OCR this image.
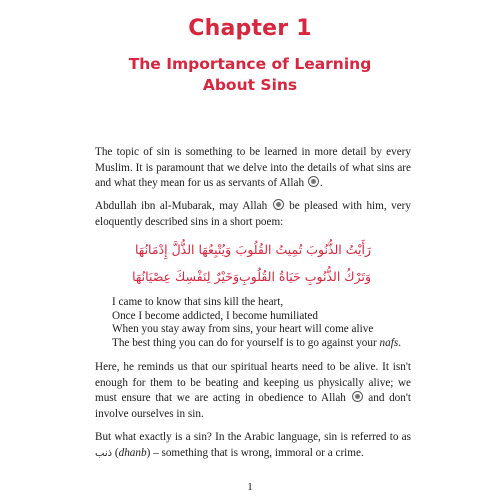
Chapter 1
The Importance of Learning
About Sins

The topic of sin is something to be learned in more detail by every Muslim. It is paramount that we delve into the details of what sins are and what they mean for us as servants of Allah .

Abdullah ibn al-Mubarak, may Allah  be pleased with him, very eloquently described sins in a short poem:

رَأَيْتُ الذُّنُوبَ تُمِيتُ القُلُوبَ
وَيُتْبِعُهَا الذُّلَّ إِدْمَانُهَا
وَتَرْكُ الذُّنُوبِ حَيَاةُ القُلُوبِ
وَخَيْرٌ لِنَفْسِكَ عِصْيَانُهَا
I came to know that sins kill the heart,
Once I become addicted, I become humiliated
When you stay away from sins, your heart will come alive
The best thing you can do for yourself is to go against your nafs.

Here, he reminds us that our spiritual hearts need to be alive. It isn't enough for them to be beating and keeping us physically alive; we must ensure that we are acting in obedience to Allah  and don't involve ourselves in sin.

But what exactly is a sin? In the Arabic language, sin is referred to as ذنب (dhanb) – something that is wrong, immoral or a crime.

1
